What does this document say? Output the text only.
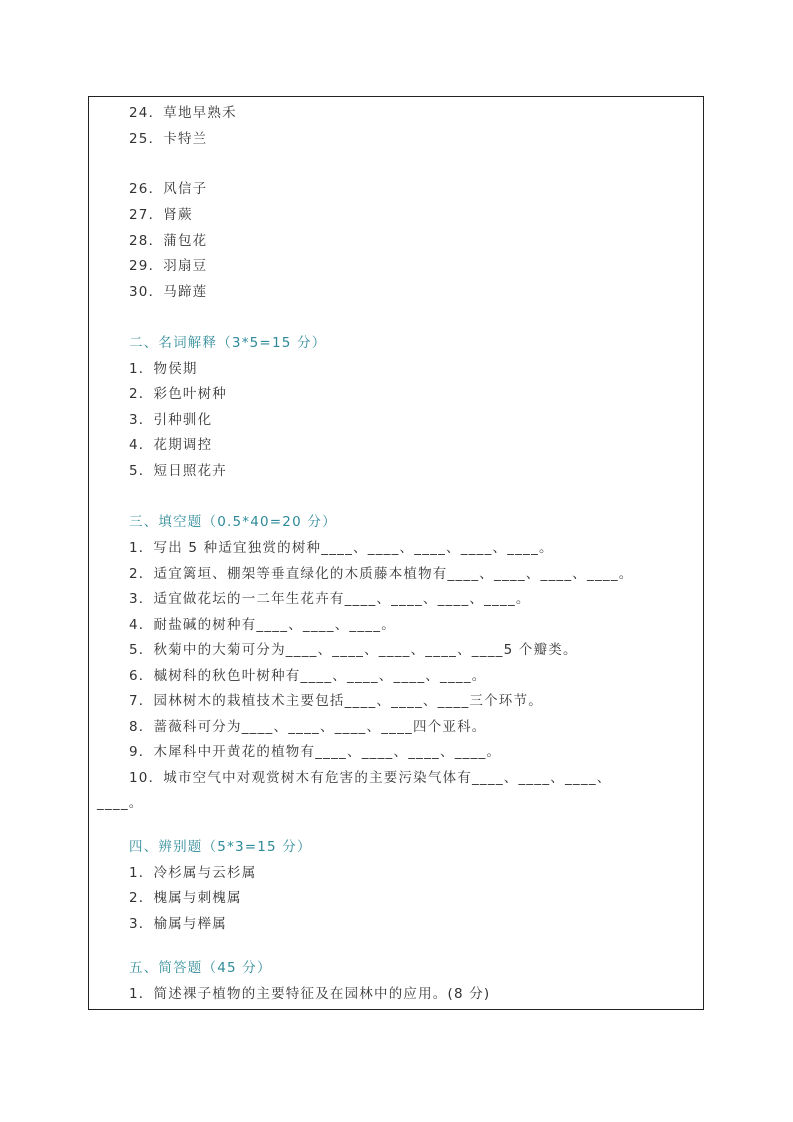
24．草地早熟禾
25．卡特兰
26．风信子
27．肾蕨
28．蒲包花
29．羽扇豆
30．马蹄莲
二、名词解释（3*5=15 分）
1．物侯期
2．彩色叶树种
3．引种驯化
4．花期调控
5．短日照花卉
三、填空题（0.5*40=20 分）
1．写出 5 种适宜独赏的树种____、____、____、____、____。
2．适宜篱垣、棚架等垂直绿化的木质藤本植物有____、____、____、____。
3．适宜做花坛的一二年生花卉有____、____、____、____。
4．耐盐碱的树种有____、____、____。
5．秋菊中的大菊可分为____、____、____、____、____5 个瓣类。
6．槭树科的秋色叶树种有____、____、____、____。
7．园林树木的栽植技术主要包括____、____、____三个环节。
8．蔷薇科可分为____、____、____、____四个亚科。
9．木犀科中开黄花的植物有____、____、____、____。
10．城市空气中对观赏树木有危害的主要污染气体有____、____、____、
____。
四、辨别题（5*3=15 分）
1．冷杉属与云杉属
2．槐属与刺槐属
3．榆属与榉属
五、简答题（45 分）
1．简述裸子植物的主要特征及在园林中的应用。(8 分)
